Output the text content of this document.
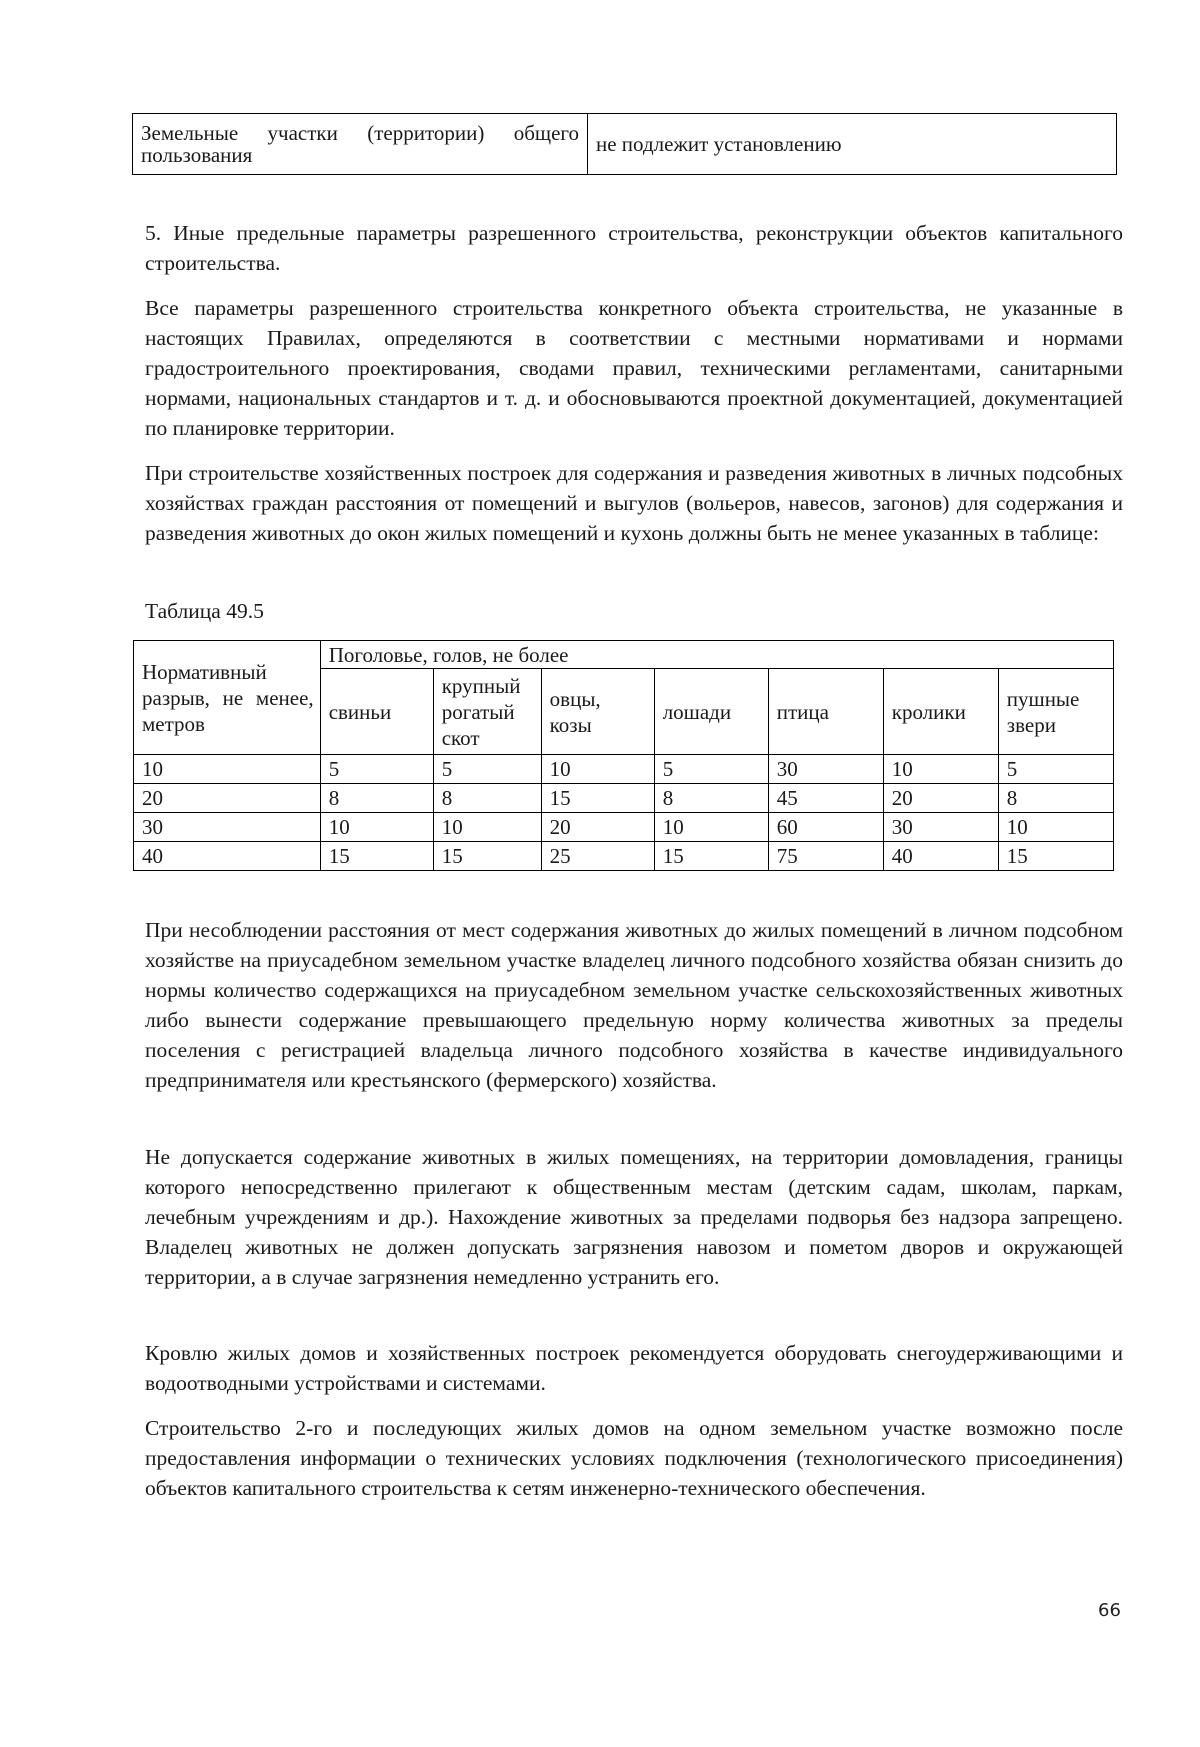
Земельные участки (территории) общего пользования	не подлежит установлению

5. Иные предельные параметры разрешенного строительства, реконструкции объектов капитального строительства.

Все параметры разрешенного строительства конкретного объекта строительства, не указанные в настоящих Правилах, определяются в соответствии с местными нормативами и нормами градостроительного проектирования, сводами правил, техническими регламентами, санитарными нормами, национальных стандартов и т. д. и обосновываются проектной документацией, документацией по планировке территории.

При строительстве хозяйственных построек для содержания и разведения животных в личных подсобных хозяйствах граждан расстояния от помещений и выгулов (вольеров, навесов, загонов) для содержания и разведения животных до окон жилых помещений и кухонь должны быть не менее указанных в таблице:

Таблица 49.5

Нормативный разрыв, не менее, метров	Поголовье, голов, не более						
	свиньи	крупный рогатый скот	овцы, козы	лошади	птица	кролики	пушные звери
10	5	5	10	5	30	10	5
20	8	8	15	8	45	20	8
30	10	10	20	10	60	30	10
40	15	15	25	15	75	40	15

При несоблюдении расстояния от мест содержания животных до жилых помещений в личном подсобном хозяйстве на приусадебном земельном участке владелец личного подсобного хозяйства обязан снизить до нормы количество содержащихся на приусадебном земельном участке сельскохозяйственных животных либо вынести содержание превышающего предельную норму количества животных за пределы поселения с регистрацией владельца личного подсобного хозяйства в качестве индивидуального предпринимателя или крестьянского (фермерского) хозяйства.

Не допускается содержание животных в жилых помещениях, на территории домовладения, границы которого непосредственно прилегают к общественным местам (детским садам, школам, паркам, лечебным учреждениям и др.). Нахождение животных за пределами подворья без надзора запрещено. Владелец животных не должен допускать загрязнения навозом и пометом дворов и окружающей территории, а в случае загрязнения немедленно устранить его.

Кровлю жилых домов и хозяйственных построек рекомендуется оборудовать снегоудерживающими и водоотводными устройствами и системами.

Строительство 2-го и последующих жилых домов на одном земельном участке возможно после предоставления информации о технических условиях подключения (технологического присоединения) объектов капитального строительства к сетям инженерно-технического обеспечения.

66
